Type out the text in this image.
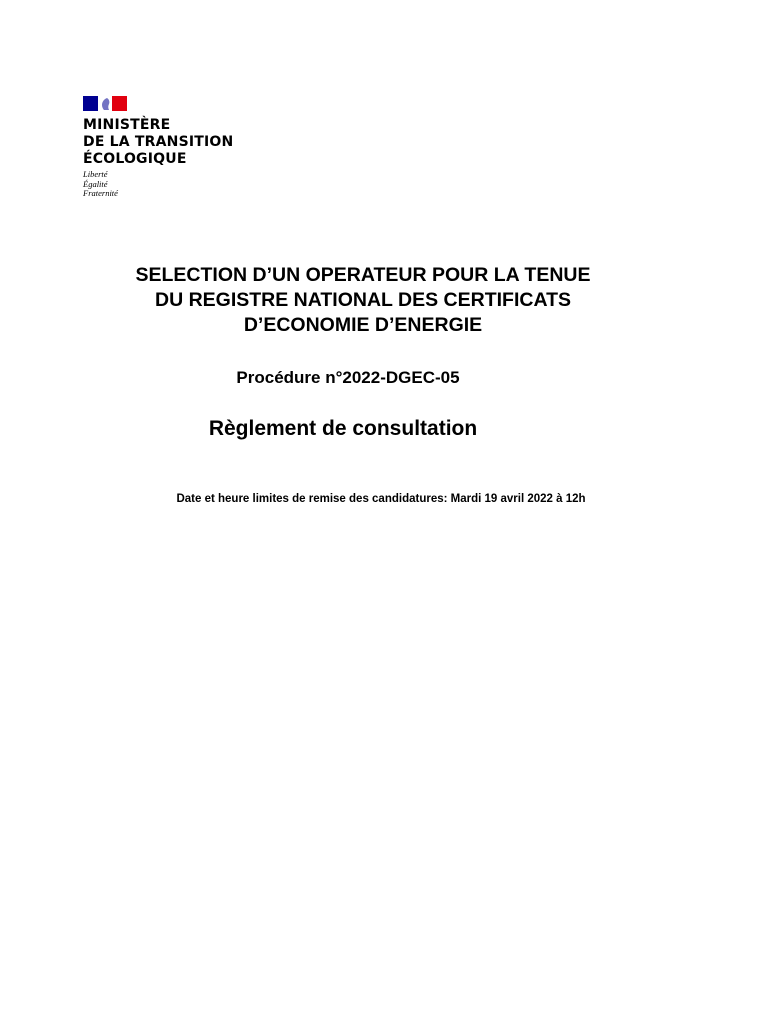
MINISTÈRE
DE LA TRANSITION
ÉCOLOGIQUE
Liberté
Égalité
Fraternité
SELECTION D’UN OPERATEUR POUR LA TENUE
DU REGISTRE NATIONAL DES CERTIFICATS
D’ECONOMIE D’ENERGIE
Procédure n°2022-DGEC-05
Règlement de consultation
Date et heure limites de remise des candidatures: Mardi 19 avril 2022 à 12h
